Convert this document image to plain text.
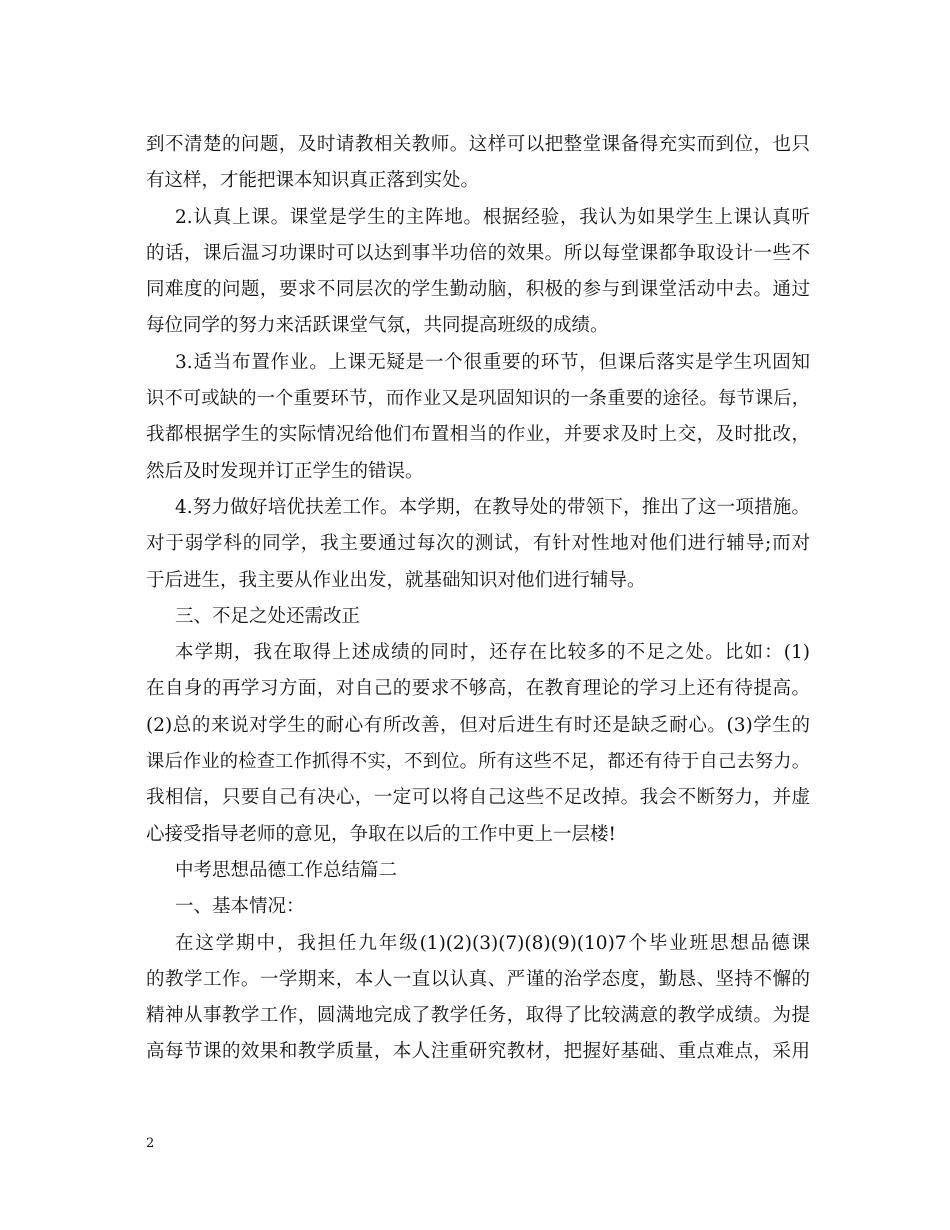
到不清楚的问题，及时请教相关教师。这样可以把整堂课备得充实而到位，也只
有这样，才能把课本知识真正落到实处。
2.认真上课。课堂是学生的主阵地。根据经验，我认为如果学生上课认真听
的话，课后温习功课时可以达到事半功倍的效果。所以每堂课都争取设计一些不
同难度的问题，要求不同层次的学生勤动脑，积极的参与到课堂活动中去。通过
每位同学的努力来活跃课堂气氛，共同提高班级的成绩。
3.适当布置作业。上课无疑是一个很重要的环节，但课后落实是学生巩固知
识不可或缺的一个重要环节，而作业又是巩固知识的一条重要的途径。每节课后，
我都根据学生的实际情况给他们布置相当的作业，并要求及时上交，及时批改，
然后及时发现并订正学生的错误。
4.努力做好培优扶差工作。本学期，在教导处的带领下，推出了这一项措施。
对于弱学科的同学，我主要通过每次的测试，有针对性地对他们进行辅导;而对
于后进生，我主要从作业出发，就基础知识对他们进行辅导。
三、不足之处还需改正
本学期，我在取得上述成绩的同时，还存在比较多的不足之处。比如：(1)
在自身的再学习方面，对自己的要求不够高，在教育理论的学习上还有待提高。
(2)总的来说对学生的耐心有所改善，但对后进生有时还是缺乏耐心。(3)学生的
课后作业的检查工作抓得不实，不到位。所有这些不足，都还有待于自己去努力。
我相信，只要自己有决心，一定可以将自己这些不足改掉。我会不断努力，并虚
心接受指导老师的意见，争取在以后的工作中更上一层楼!
中考思想品德工作总结篇二
一、基本情况：
在这学期中，我担任九年级(1)(2)(3)(7)(8)(9)(10)7个毕业班思想品德课
的教学工作。一学期来，本人一直以认真、严谨的治学态度，勤恳、坚持不懈的
精神从事教学工作，圆满地完成了教学任务，取得了比较满意的教学成绩。为提
高每节课的效果和教学质量，本人注重研究教材，把握好基础、重点难点，采用
2
